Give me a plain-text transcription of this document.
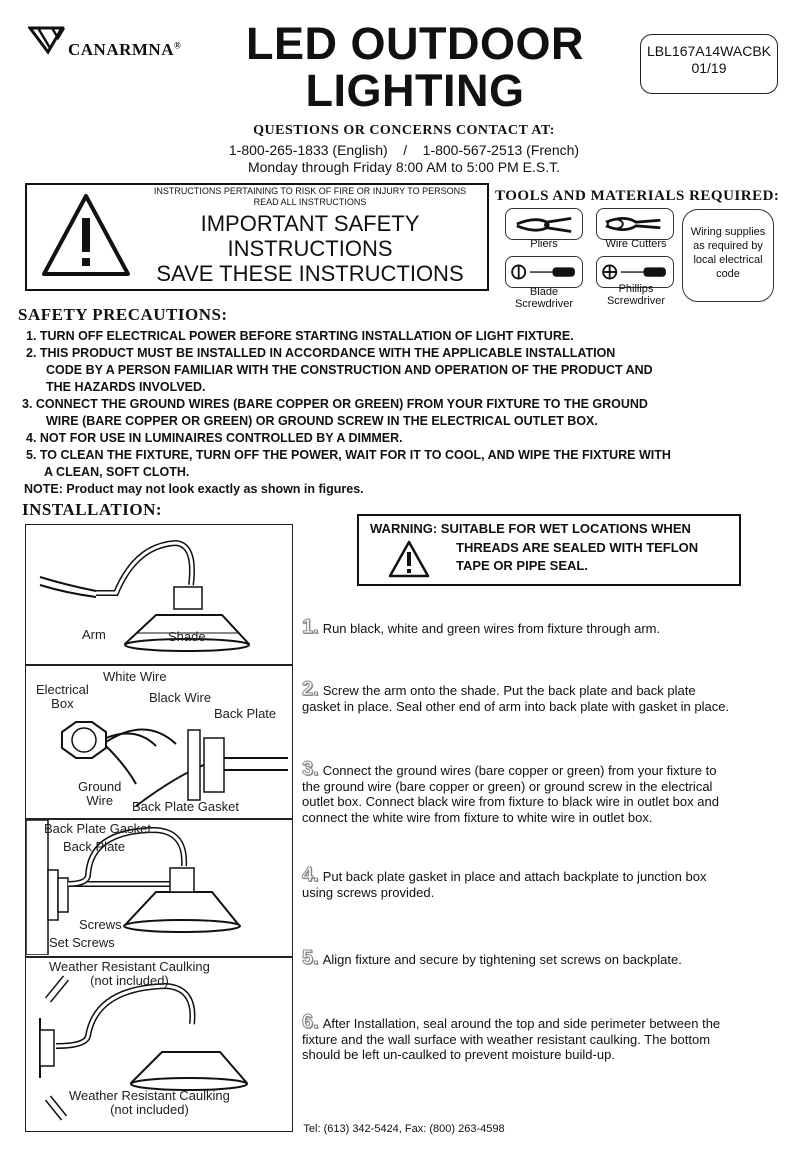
CANARMNA®	LED OUTDOOR
LIGHTING
LBL167A14WACBK
01/19
QUESTIONS OR CONCERNS CONTACT AT:
1-800-265-1833 (English)    /    1-800-567-2513 (French)
Monday through Friday 8:00 AM to 5:00 PM E.S.T.
INSTRUCTIONS PERTAINING TO RISK OF FIRE OR INJURY TO PERSONS
READ ALL INSTRUCTIONS
IMPORTANT SAFETY
INSTRUCTIONS
SAVE THESE INSTRUCTIONS
TOOLS AND MATERIALS REQUIRED:
Pliers	Wire Cutters
Blade
Screwdriver
Phillips
Screwdriver
Wiring supplies
as required by
local electrical
code
SAFETY PRECAUTIONS:
1. TURN OFF ELECTRICAL POWER BEFORE STARTING INSTALLATION OF LIGHT FIXTURE.
2. THIS PRODUCT MUST BE INSTALLED IN ACCORDANCE WITH THE APPLICABLE INSTALLATION
CODE BY A PERSON FAMILIAR WITH THE CONSTRUCTION AND OPERATION OF THE PRODUCT AND
THE HAZARDS INVOLVED.
3. CONNECT THE GROUND WIRES (BARE COPPER OR GREEN) FROM YOUR FIXTURE TO THE GROUND
WIRE (BARE COPPER OR GREEN) OR GROUND SCREW IN THE ELECTRICAL OUTLET BOX.
4. NOT FOR USE IN LUMINAIRES CONTROLLED BY A DIMMER.
5. TO CLEAN THE FIXTURE, TURN OFF THE POWER, WAIT FOR IT TO COOL, AND WIPE THE FIXTURE WITH
A CLEAN, SOFT CLOTH.
NOTE: Product may not look exactly as shown in figures.
INSTALLATION:
Arm	Shade
White Wire
Electrical
Box	Black Wire
Back Plate
Ground
Wire	Back Plate Gasket
Back Plate Gasket
Back Plate
Screws
Set Screws
Weather Resistant Caulking
(not included)
Weather Resistant Caulking
(not included)
WARNING: SUITABLE FOR WET LOCATIONS WHEN
THREADS ARE SEALED WITH TEFLON
TAPE OR PIPE SEAL.
1. Run black, white and green wires from fixture through arm.
2. Screw the arm onto the shade. Put the back plate and back plate
gasket in place. Seal other end of arm into back plate with gasket in place.
3. Connect the ground wires (bare copper or green) from your fixture to
the ground wire (bare copper or green) or ground screw in the electrical
outlet box. Connect black wire from fixture to black wire in outlet box and
connect the white wire from fixture to white wire in outlet box.
4. Put back plate gasket in place and attach backplate to junction box
using screws provided.
5. Align fixture and secure by tightening set screws on backplate.
6. After Installation, seal around the top and side perimeter between the
fixture and the wall surface with weather resistant caulking. The bottom
should be left un-caulked to prevent moisture build-up.
Tel: (613) 342-5424, Fax: (800) 263-4598
